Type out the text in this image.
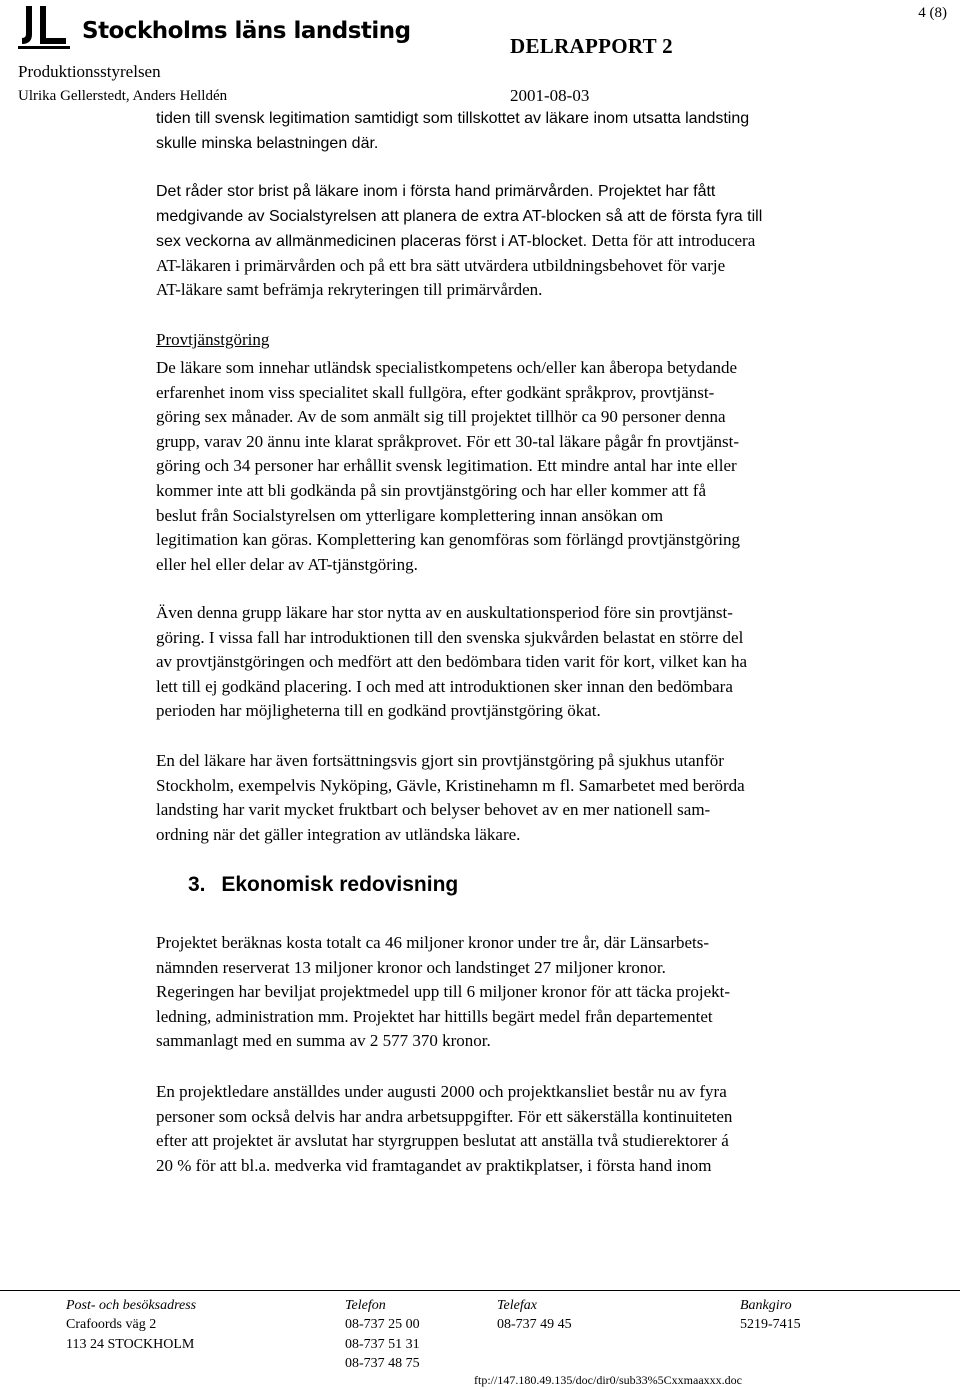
Stockholms läns landsting
4 (8)
DELRAPPORT 2
Produktionsstyrelsen
Ulrika Gellerstedt, Anders Helldén	2001-08-03
tiden till svensk legitimation samtidigt som tillskottet av läkare inom utsatta landsting
skulle minska belastningen där.
Det råder stor brist på läkare inom i första hand primärvården. Projektet har fått
medgivande av Socialstyrelsen att planera de extra AT-blocken så att de första fyra till
sex veckorna av allmänmedicinen placeras först i AT-blocket. Detta för att introducera
AT-läkaren i primärvården och på ett bra sätt utvärdera utbildningsbehovet för varje
AT-läkare samt befrämja rekryteringen till primärvården.
Provtjänstgöring
De läkare som innehar utländsk specialistkompetens och/eller kan åberopa betydande
erfarenhet inom viss specialitet skall fullgöra, efter godkänt språkprov, provtjänst-
göring sex månader. Av de som anmält sig till projektet tillhör ca 90 personer denna
grupp, varav 20 ännu inte klarat språkprovet. För ett 30-tal läkare pågår fn provtjänst-
göring och 34 personer har erhållit svensk legitimation. Ett mindre antal har inte eller
kommer inte att bli godkända på sin provtjänstgöring och har eller kommer att få
beslut från Socialstyrelsen om ytterligare komplettering innan ansökan om
legitimation kan göras. Komplettering kan genomföras som förlängd provtjänstgöring
eller hel eller delar av AT-tjänstgöring.
Även denna grupp läkare har stor nytta av en auskultationsperiod före sin provtjänst-
göring. I vissa fall har introduktionen till den svenska sjukvården belastat en större del
av provtjänstgöringen och medfört att den bedömbara tiden varit för kort, vilket kan ha
lett till ej godkänd placering. I och med att introduktionen sker innan den bedömbara
perioden har möjligheterna till en godkänd provtjänstgöring ökat.
En del läkare har även fortsättningsvis gjort sin provtjänstgöring på sjukhus utanför
Stockholm, exempelvis Nyköping, Gävle, Kristinehamn m fl. Samarbetet med berörda
landsting har varit mycket fruktbart och belyser behovet av en mer nationell sam-
ordning när det gäller integration av utländska läkare.
3. Ekonomisk redovisning
Projektet beräknas kosta totalt ca 46 miljoner kronor under tre år, där Länsarbets-
nämnden reserverat 13 miljoner kronor och landstinget 27 miljoner kronor.
Regeringen har beviljat projektmedel upp till 6 miljoner kronor för att täcka projekt-
ledning, administration mm. Projektet har hittills begärt medel från departementet
sammanlagt med en summa av 2 577 370 kronor.
En projektledare anställdes under augusti 2000 och projektkansliet består nu av fyra
personer som också delvis har andra arbetsuppgifter. För ett säkerställa kontinuiteten
efter att projektet är avslutat har styrgruppen beslutat att anställa två studierektorer á
20 % för att bl.a. medverka vid framtagandet av praktikplatser, i första hand inom
Post- och besöksadress
Crafoords väg 2
113 24 STOCKHOLM
Telefon
08-737 25 00
08-737 51 31
08-737 48 75
Telefax
08-737 49 45
Bankgiro
5219-7415
ftp://147.180.49.135/doc/dir0/sub33%5Cxxmaaxxx.doc
